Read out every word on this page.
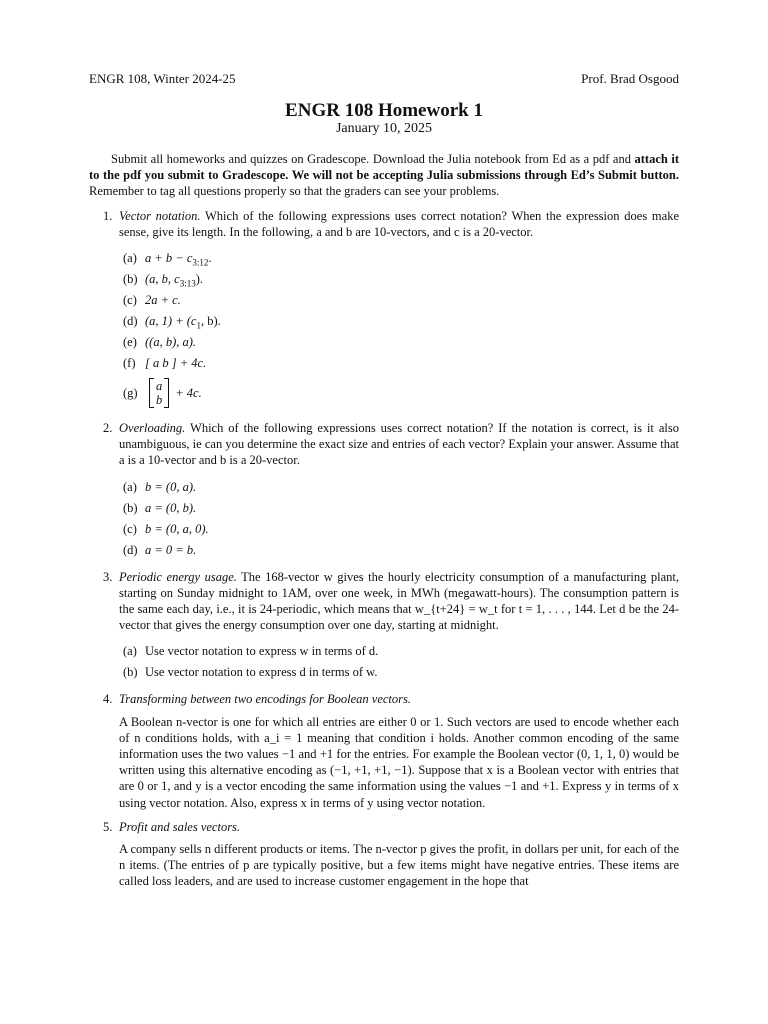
ENGR 108, Winter 2024-25	Prof. Brad Osgood
ENGR 108 Homework 1
January 10, 2025

Submit all homeworks and quizzes on Gradescope. Download the Julia notebook from Ed as a pdf and attach it to the pdf you submit to Gradescope. We will not be accepting Julia submissions through Ed’s Submit button. Remember to tag all questions properly so that the graders can see your problems.

1. Vector notation. Which of the following expressions uses correct notation? When the expression does make sense, give its length. In the following, a and b are 10-vectors, and c is a 20-vector.

(a) $a + b - c_{3:12}$.
(b) (a, b, $c_{3:13}$).
(c) 2a + c.
(d) (a, $1) + (c_1$, b).
(e) ((a, b), a).
(f) [ a b ] + 4c.
(g)	a
b
+ 4c.
2. Overloading. Which of the following expressions uses correct notation? If the notation is correct, is it also unambiguous, ie can you determine the exact size and entries of each vector? Explain your answer. Assume that a is a 10-vector and b is a 20-vector.

(a) b = (0, a).
(b) a = (0, b).
(c) b = (0, a, 0).
(d) a = 0 = b.
3. Periodic energy usage. The 168-vector w gives the hourly electricity consumption of a manufacturing plant, starting on Sunday midnight to 1AM, over one week, in MWh (megawatt-hours). The consumption pattern is the same each day, i.e., it is 24-periodic, which means that w_{t+24} = w_t for t = 1, . . . , 144. Let d be the 24-vector that gives the energy consumption over one day, starting at midnight.

(a) Use vector notation to express w in terms of d.
(b) Use vector notation to express d in terms of w.
4. Transforming between two encodings for Boolean vectors.

A Boolean n-vector is one for which all entries are either 0 or 1. Such vectors are used to encode whether each of n conditions holds, with a_i = 1 meaning that condition i holds. Another common encoding of the same information uses the two values −1 and +1 for the entries. For example the Boolean vector (0, 1, 1, 0) would be written using this alternative encoding as (−1, +1, +1, −1). Suppose that x is a Boolean vector with entries that are 0 or 1, and y is a vector encoding the same information using the values −1 and +1. Express y in terms of x using vector notation. Also, express x in terms of y using vector notation.

5. Profit and sales vectors.

A company sells n different products or items. The n-vector p gives the profit, in dollars per unit, for each of the n items. (The entries of p are typically positive, but a few items might have negative entries. These items are called loss leaders, and are used to increase customer engagement in the hope that
